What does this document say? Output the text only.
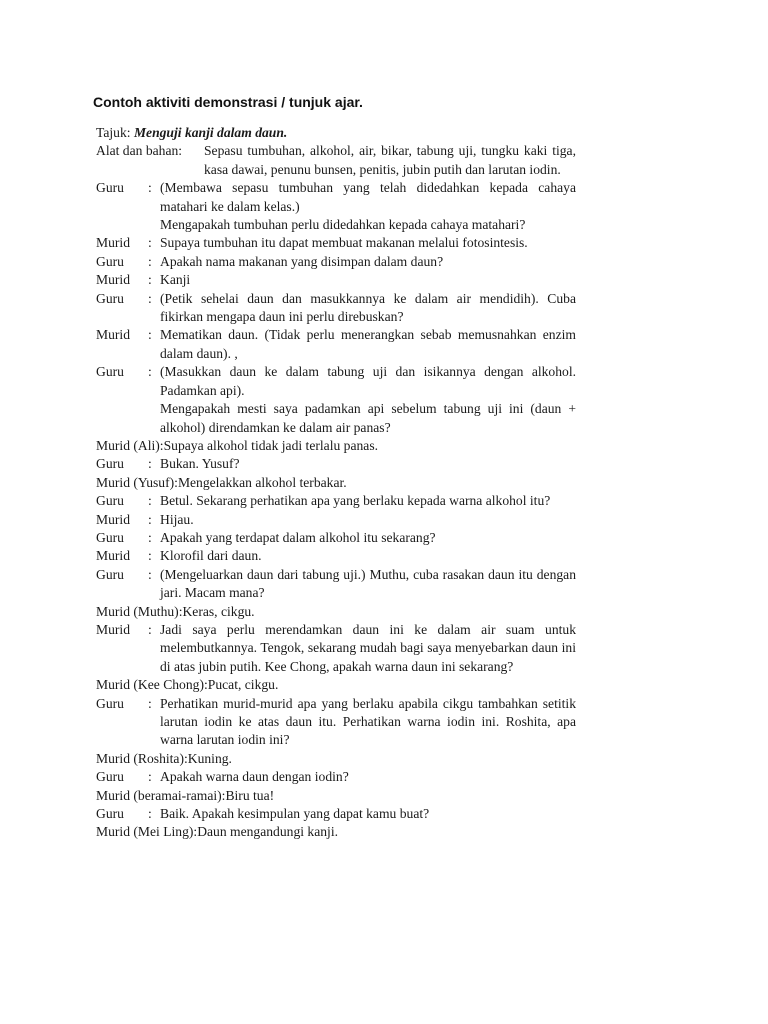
Contoh aktiviti demonstrasi / tunjuk ajar.
Tajuk: Menguji kanji dalam daun.
Alat dan bahan:	Sepasu tumbuhan, alkohol, air, bikar, tabung uji, tungku kaki tiga, kasa dawai, penunu bunsen, penitis, jubin putih dan larutan iodin.
Guru	: (Membawa sepasu tumbuhan yang telah didedahkan kepada cahaya matahari ke dalam kelas.)
Mengapakah tumbuhan perlu didedahkan kepada cahaya matahari?
Murid	: Supaya tumbuhan itu dapat membuat makanan melalui fotosintesis.
Guru	: Apakah nama makanan yang disimpan dalam daun?
Murid	: Kanji
Guru	: (Petik sehelai daun dan masukkannya ke dalam air mendidih). Cuba fikirkan mengapa daun ini perlu direbuskan?
Murid	: Mematikan daun. (Tidak perlu menerangkan sebab memusnahkan enzim dalam daun). ,
Guru	: (Masukkan daun ke dalam tabung uji dan isikannya dengan alkohol. Padamkan api).
Mengapakah mesti saya padamkan api sebelum tabung uji ini (daun + alkohol) direndamkan ke dalam air panas?
Murid (Ali): Supaya alkohol tidak jadi terlalu panas.
Guru	: Bukan. Yusuf?
Murid (Yusuf): Mengelakkan alkohol terbakar.
Guru	: Betul. Sekarang perhatikan apa yang berlaku kepada warna alkohol itu?
Murid	: Hijau.
Guru	: Apakah yang terdapat dalam alkohol itu sekarang?
Murid	: Klorofil dari daun.
Guru	: (Mengeluarkan daun dari tabung uji.) Muthu, cuba rasakan daun itu dengan jari. Macam mana?
Murid (Muthu): Keras, cikgu.
Murid	: Jadi saya perlu merendamkan daun ini ke dalam air suam untuk melembutkannya. Tengok, sekarang mudah bagi saya menyebarkan daun ini di atas jubin putih. Kee Chong, apakah warna daun ini sekarang?
Murid (Kee Chong): Pucat, cikgu.
Guru	: Perhatikan murid-murid apa yang berlaku apabila cikgu tambahkan setitik larutan iodin ke atas daun itu. Perhatikan warna iodin ini. Roshita, apa warna larutan iodin ini?
Murid (Roshita): Kuning.
Guru	: Apakah warna daun dengan iodin?
Murid (beramai-ramai): Biru tua!
Guru	: Baik. Apakah kesimpulan yang dapat kamu buat?
Murid (Mei Ling): Daun mengandungi kanji.
